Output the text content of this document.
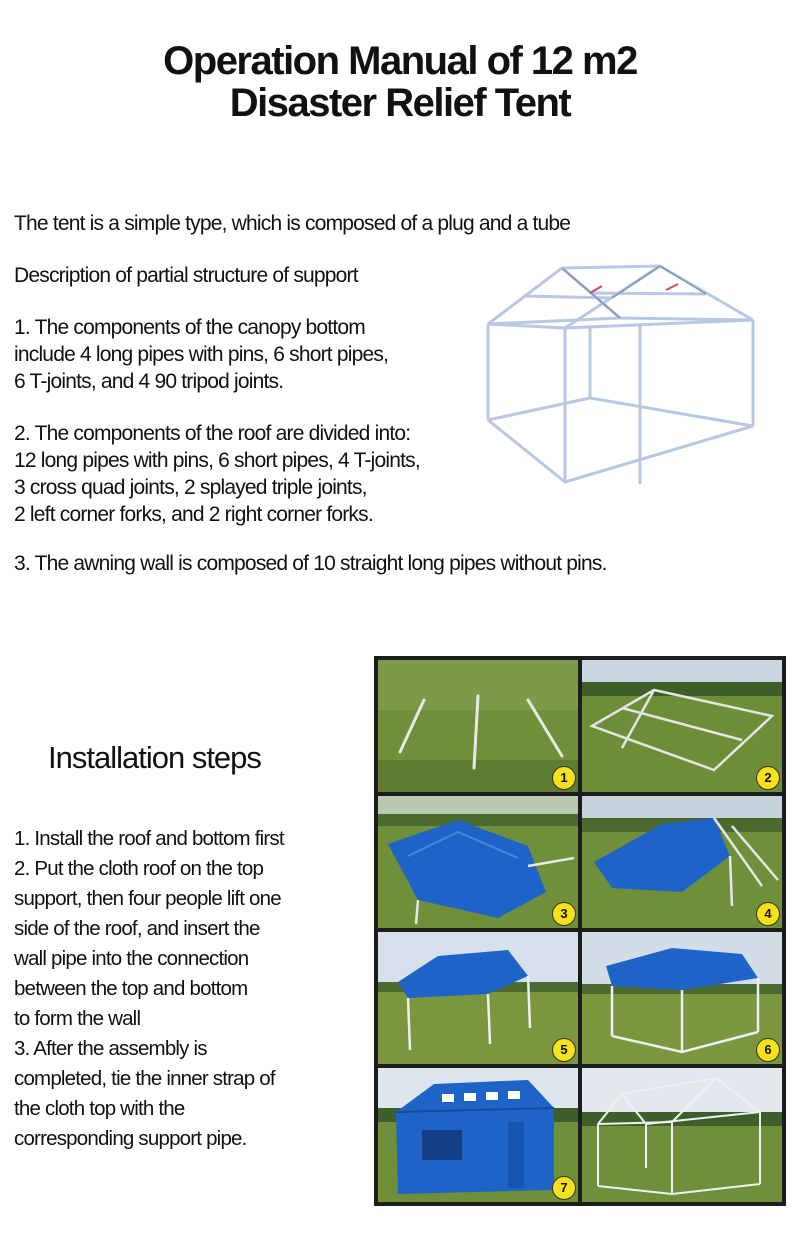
Operation Manual of 12 m2
Disaster Relief Tent
The tent is a simple type, which is composed of a plug and a tube
Description of partial structure of support
1. The components of the canopy bottom
include 4 long pipes with pins, 6 short pipes,
6 T-joints, and 4 90 tripod joints.
2. The components of the roof are divided into:
12 long pipes with pins, 6 short pipes, 4 T-joints,
3 cross quad joints, 2 splayed triple joints,
2 left corner forks, and 2 right corner forks.
3. The awning wall is composed of 10 straight long pipes without pins.
Installation steps
1. Install the roof and bottom first
2. Put the cloth roof on the top
support, then four people lift one
side of the roof, and insert the
wall pipe into the connection
between the top and bottom
to form the wall
3. After the assembly is
completed, tie the inner strap of
the cloth top with the
corresponding support pipe.
1	2
3	4
5	6
7
